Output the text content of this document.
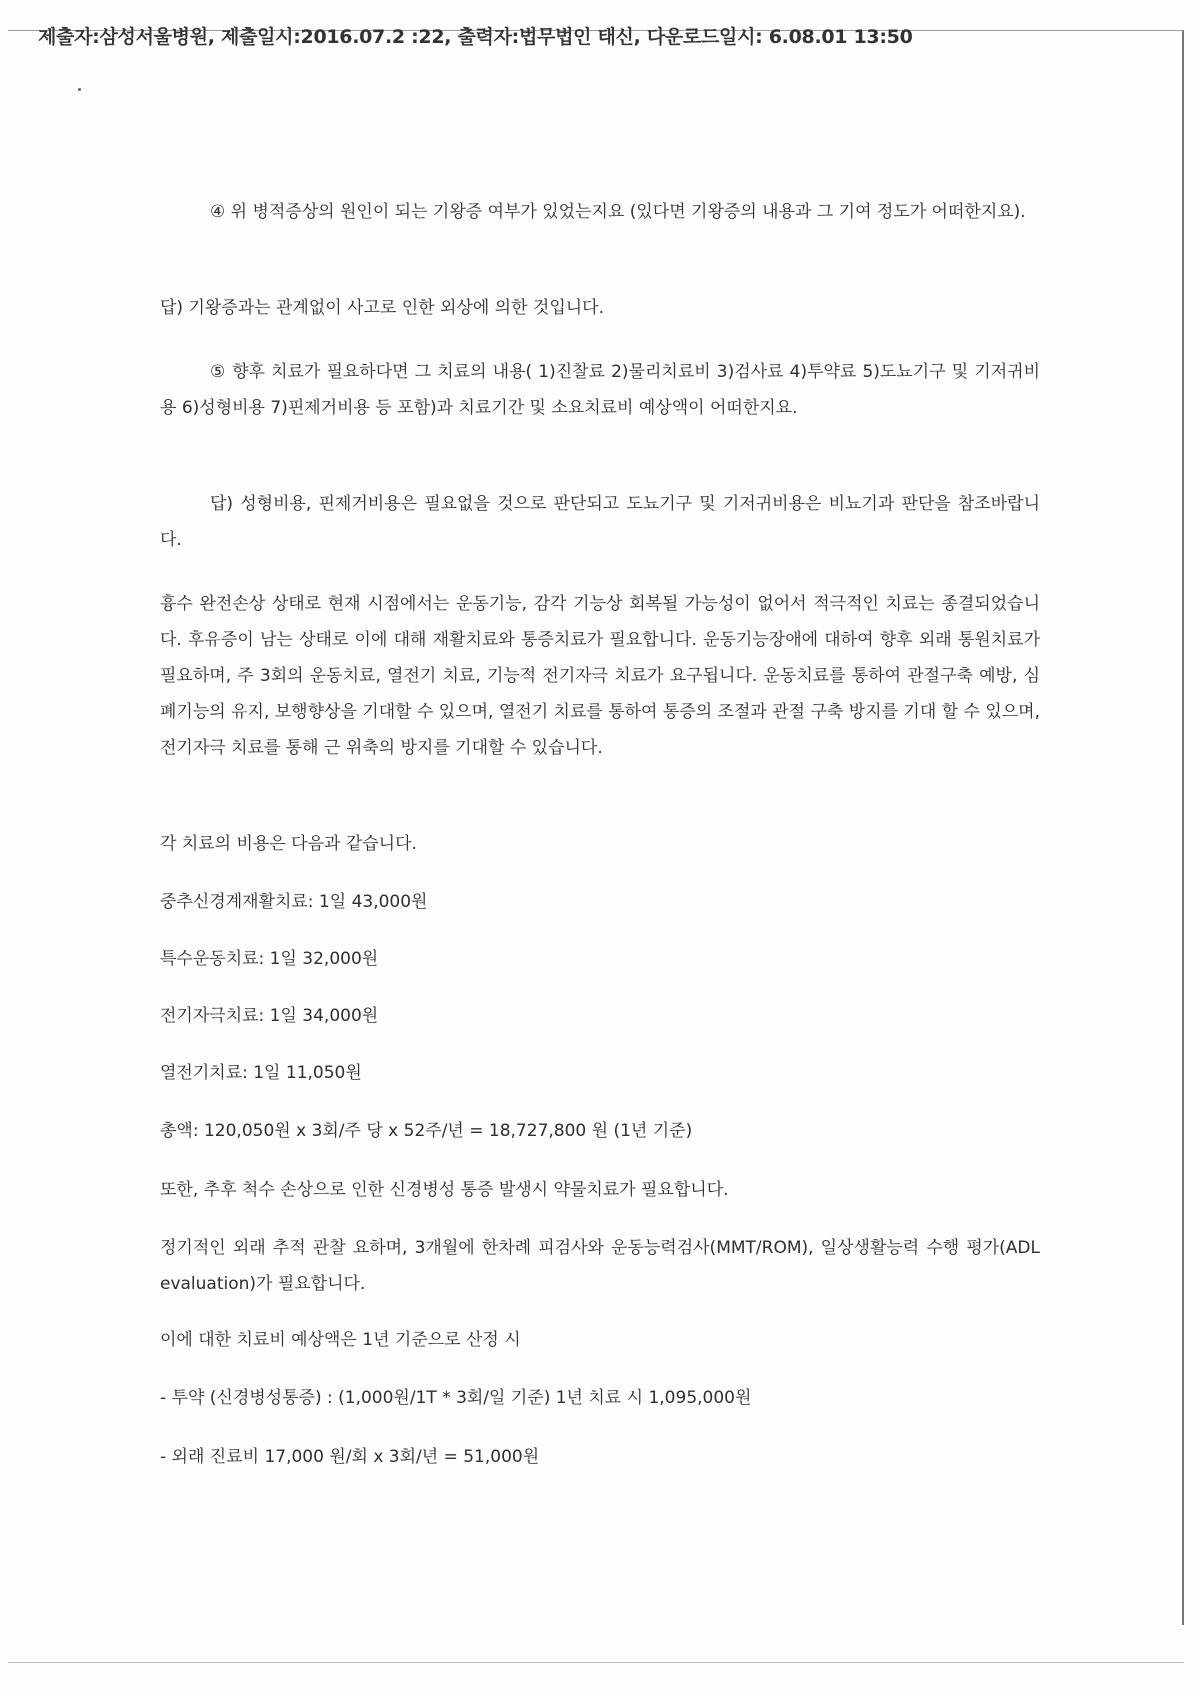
제출자:삼성서울병원, 제출일시:2016.07.2 :22, 출력자:법무법인 태신, 다운로드일시: 6.08.01 13:50
④ 위 병적증상의 원인이 되는 기왕증 여부가 있었는지요 (있다면 기왕증의 내용과 그 기여 정도가 어떠한지요).
답) 기왕증과는 관계없이 사고로 인한 외상에 의한 것입니다.
⑤ 향후 치료가 필요하다면 그 치료의 내용( 1)진찰료 2)물리치료비 3)검사료 4)투약료 5)도뇨기구 및 기저귀비용 6)성형비용 7)핀제거비용 등 포함)과 치료기간 및 소요치료비 예상액이 어떠한지요.
답) 성형비용, 핀제거비용은 필요없을 것으로 판단되고 도뇨기구 및 기저귀비용은 비뇨기과 판단을 참조바랍니다.
흉수 완전손상 상태로 현재 시점에서는 운동기능, 감각 기능상 회복될 가능성이 없어서 적극적인 치료는 종결되었습니다. 후유증이 남는 상태로 이에 대해 재활치료와 통증치료가 필요합니다. 운동기능장애에 대하여 향후 외래 통원치료가 필요하며, 주 3회의 운동치료, 열전기 치료, 기능적 전기자극 치료가 요구됩니다. 운동치료를 통하여 관절구축 예방, 심폐기능의 유지, 보행향상을 기대할 수 있으며, 열전기 치료를 통하여 통증의 조절과 관절 구축 방지를 기대 할 수 있으며, 전기자극 치료를 통해 근 위축의 방지를 기대할 수 있습니다.
각 치료의 비용은 다음과 같습니다.
중추신경계재활치료: 1일 43,000원
특수운동치료: 1일 32,000원
전기자극치료: 1일 34,000원
열전기치료: 1일 11,050원
총액: 120,050원 x 3회/주 당 x 52주/년 = 18,727,800 원 (1년 기준)
또한, 추후 척수 손상으로 인한 신경병성 통증 발생시 약물치료가 필요합니다.
정기적인 외래 추적 관찰 요하며, 3개월에 한차례 피검사와 운동능력검사(MMT/ROM), 일상생활능력 수행 평가(ADL evaluation)가 필요합니다.
이에 대한 치료비 예상액은 1년 기준으로 산정 시
- 투약 (신경병성통증) : (1,000원/1T * 3회/일 기준) 1년 치료 시 1,095,000원
- 외래 진료비 17,000 원/회 x 3회/년 = 51,000원
